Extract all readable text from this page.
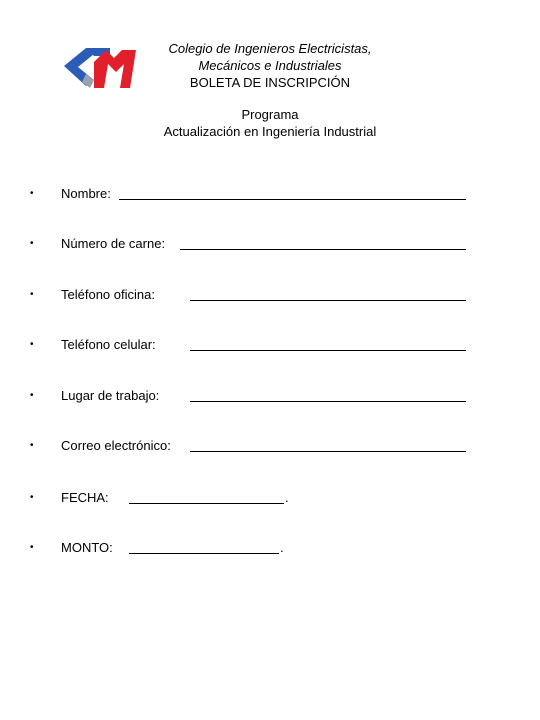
Colegio de Ingenieros Electricistas,
Mecánicos e Industriales
BOLETA DE INSCRIPCIÓN
Programa
Actualización en Ingeniería Industrial
• Nombre:
• Número de carne:
• Teléfono oficina:
• Teléfono celular:
• Lugar de trabajo:
• Correo electrónico:
• FECHA:	.
• MONTO:	.
